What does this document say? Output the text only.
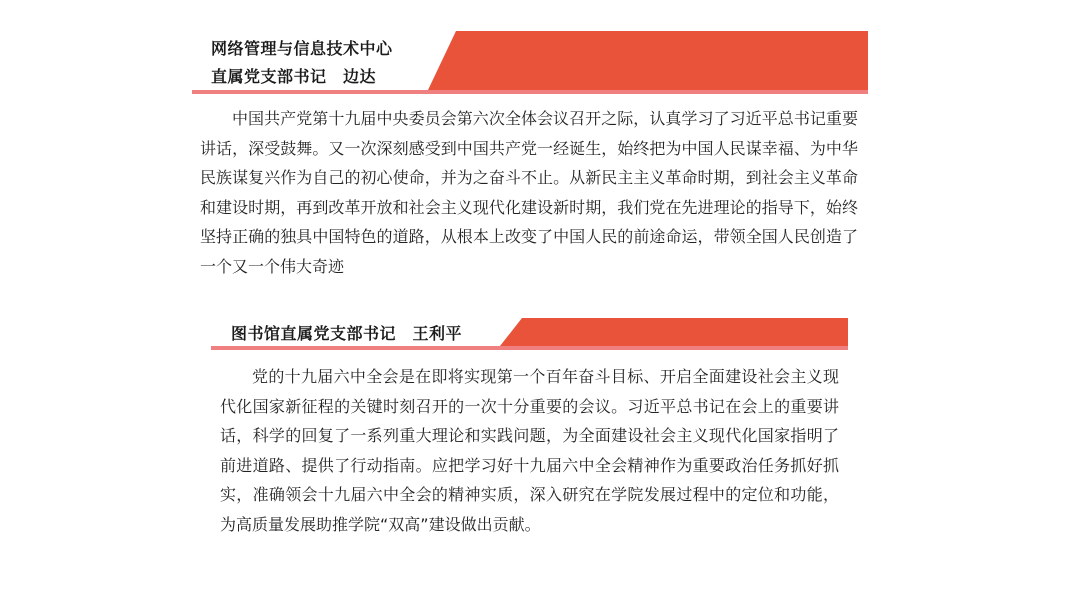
网络管理与信息技术中心
直属党支部书记　边达

中国共产党第十九届中央委员会第六次全体会议召开之际，认真学习了习近平总书记重要讲话，深受鼓舞。又一次深刻感受到中国共产党一经诞生，始终把为中国人民谋幸福、为中华民族谋复兴作为自己的初心使命，并为之奋斗不止。从新民主主义革命时期，到社会主义革命和建设时期，再到改革开放和社会主义现代化建设新时期，我们党在先进理论的指导下，始终坚持正确的独具中国特色的道路，从根本上改变了中国人民的前途命运，带领全国人民创造了一个又一个伟大奇迹

图书馆直属党支部书记　王利平

党的十九届六中全会是在即将实现第一个百年奋斗目标、开启全面建设社会主义现代化国家新征程的关键时刻召开的一次十分重要的会议。习近平总书记在会上的重要讲话，科学的回复了一系列重大理论和实践问题，为全面建设社会主义现代化国家指明了前进道路、提供了行动指南。应把学习好十九届六中全会精神作为重要政治任务抓好抓实，准确领会十九届六中全会的精神实质，深入研究在学院发展过程中的定位和功能，为高质量发展助推学院“双高”建设做出贡献。
